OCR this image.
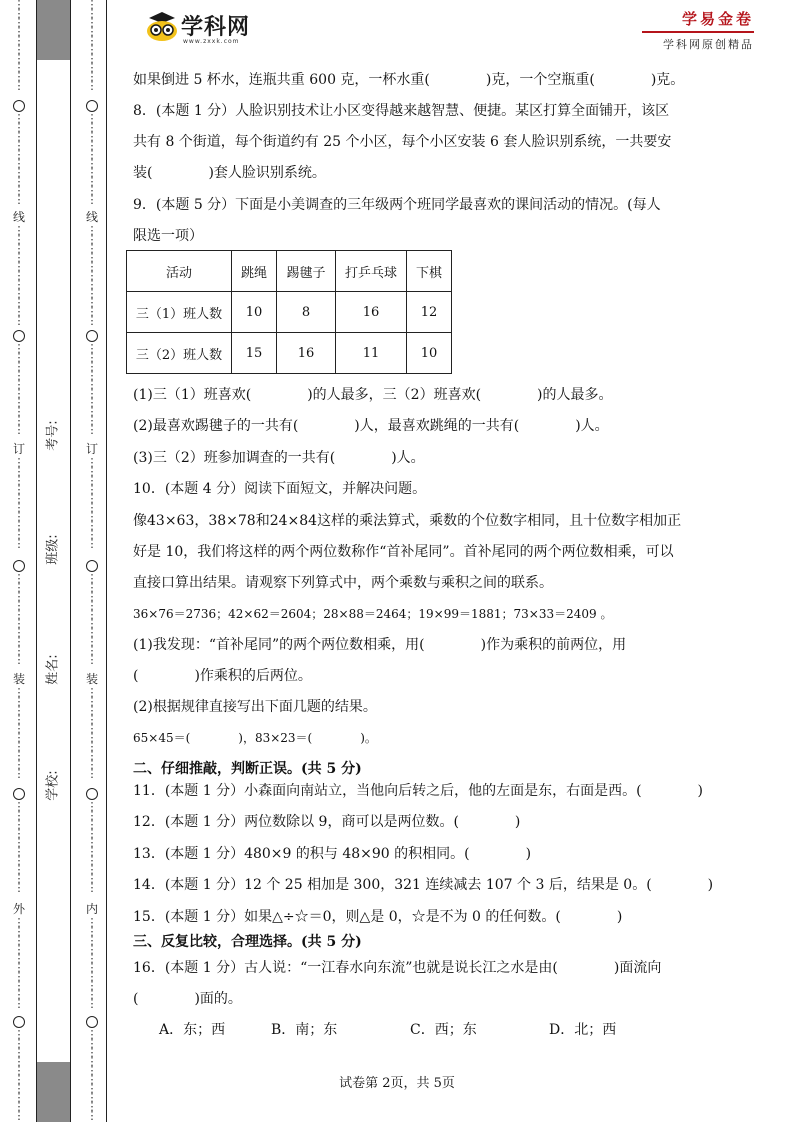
⋮
⋮
⋮
⋮
⋮
⋮
⋮
⋮
⋮
⋮
⋮
⋮
⋮
⋮
⋮
⋮
⋮
⋮
⋮
⋮
⋮
⋮
⋮
⋮
⋮
⋮
⋮
⋮
⋮
⋮
⋮
⋮
⋮
⋮
⋮
⋮
⋮
⋮
⋮
⋮
⋮
⋮
⋮
⋮
⋮
⋮
⋮
⋮
⋮
⋮
⋮
⋮
⋮
⋮
⋮
⋮
⋮
⋮
⋮
⋮
⋮
⋮
⋮
⋮
⋮
⋮
⋮
⋮
⋮
⋮
⋮
⋮
⋮
⋮
⋮
⋮
⋮
⋮
⋮
⋮
⋮
⋮
⋮
⋮
⋮
⋮
⋮
⋮
⋮
⋮
⋮
⋮
⋮
⋮
⋮
⋮
⋮
⋮
⋮
⋮
⋮
线
订
装
外
⋮
⋮
⋮
⋮
⋮
⋮
⋮
⋮
⋮
⋮
⋮
⋮
⋮
⋮
⋮
⋮
⋮
⋮
⋮
⋮
⋮
⋮
⋮
⋮
⋮
⋮
⋮
⋮
⋮
⋮
⋮
⋮
⋮
⋮
⋮
⋮
⋮
⋮
⋮
⋮
⋮
⋮
⋮
⋮
⋮
⋮
⋮
⋮
⋮
⋮
⋮
⋮
⋮
⋮
⋮
⋮
⋮
⋮
⋮
⋮
⋮
⋮
⋮
⋮
⋮
⋮
⋮
⋮
⋮
⋮
⋮
⋮
⋮
⋮
⋮
⋮
⋮
⋮
⋮
⋮
⋮
⋮
⋮
⋮
⋮
⋮
⋮
⋮
⋮
⋮
⋮
⋮
⋮
⋮
⋮
⋮
⋮
⋮
⋮
⋮
⋮
线
订
装
内
考号:
班级:
姓名:
学校:
学科网
www.zxxk.com
学易金卷
学科网原创精品
如果倒进 5 杯水，连瓶共重 600 克，一杯水重(　　　　)克，一个空瓶重(　　　　)克。
8．(本题 1 分）人脸识别技术让小区变得越来越智慧、便捷。某区打算全面铺开，该区
共有 8 个街道，每个街道约有 25 个小区，每个小区安装 6 套人脸识别系统，一共要安
装(　　　　)套人脸识别系统。
9．(本题 5 分）下面是小美调查的三年级两个班同学最喜欢的课间活动的情况。(每人
限选一项）
(1)三（1）班喜欢(　　　　)的人最多，三（2）班喜欢(　　　　)的人最多。
(2)最喜欢踢毽子的一共有(　　　　)人，最喜欢跳绳的一共有(　　　　)人。
(3)三（2）班参加调查的一共有(　　　　)人。
10．(本题 4 分）阅读下面短文，并解决问题。
像43×63，38×78和24×84这样的乘法算式，乘数的个位数字相同，且十位数字相加正
好是 10，我们将这样的两个两位数称作“首补尾同”。首补尾同的两个两位数相乘，可以
直接口算出结果。请观察下列算式中，两个乘数与乘积之间的联系。
36×76＝2736；42×62＝2604；28×88＝2464；19×99＝1881；73×33＝2409 。
(1)我发现：“首补尾同”的两个两位数相乘，用(　　　　)作为乘积的前两位，用
(　　　　)作乘积的后两位。
(2)根据规律直接写出下面几题的结果。
65×45＝(　　　　)，83×23＝(　　　　)。
二、仔细推敲，判断正误。(共 5 分)
11．(本题 1 分）小森面向南站立，当他向后转之后，他的左面是东，右面是西。(　　　　)
12．(本题 1 分）两位数除以 9，商可以是两位数。(　　　　)
13．(本题 1 分）480×9 的积与 48×90 的积相同。(　　　　)
14．(本题 1 分）12 个 25 相加是 300，321 连续减去 107 个 3 后，结果是 0。(　　　　)
15．(本题 1 分）如果△÷☆＝0，则△是 0，☆是不为 0 的任何数。(　　　　)
三、反复比较，合理选择。(共 5 分)
16．(本题 1 分）古人说：“一江春水向东流”也就是说长江之水是由(　　　　)面流向
(　　　　)面的。
A．东；西	B．南；东	C．西；东	D．北；西
活动	跳绳	踢毽子	打乒乓球	下棋
三（1）班人数	10	8	16	12
三（2）班人数	15	16	11	10
试卷第 2页，共 5页
